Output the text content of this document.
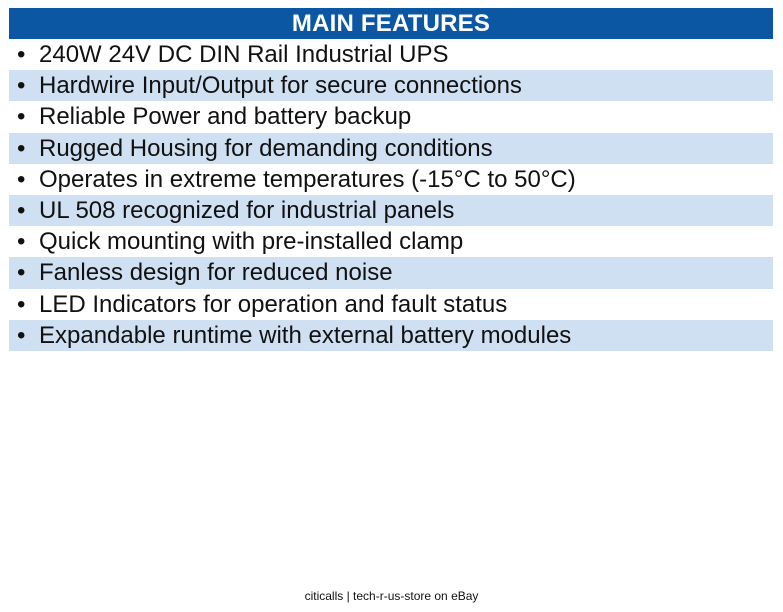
MAIN FEATURES
• 240W 24V DC DIN Rail Industrial UPS
• Hardwire Input/Output for secure connections
• Reliable Power and battery backup
• Rugged Housing for demanding conditions
• Operates in extreme temperatures (-15°C to 50°C)
• UL 508 recognized for industrial panels
• Quick mounting with pre-installed clamp
• Fanless design for reduced noise
• LED Indicators for operation and fault status
• Expandable runtime with external battery modules
citicalls | tech-r-us-store on eBay
